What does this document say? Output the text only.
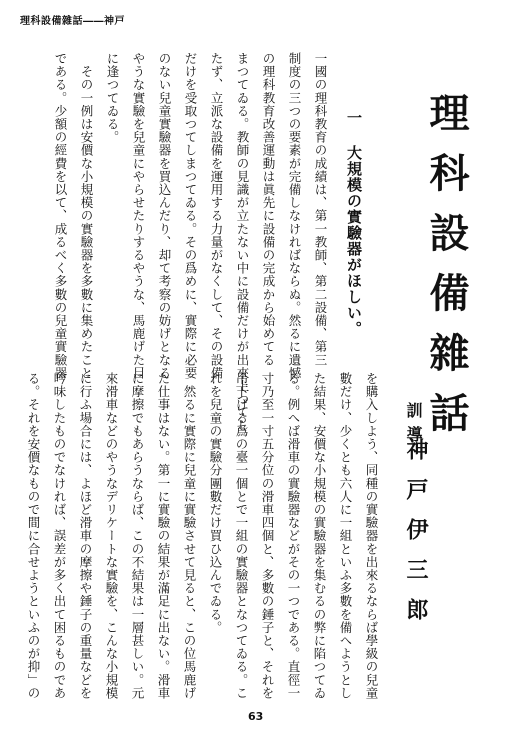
理科設備雜話――神戸
理科設備雜話
一 大規模の實驗器がほしい。
訓導
神戸伊三郎
一國の理科教育の成績は、第一教師、第二設備、第三
制度の三つの要素が完備しなければならぬ。然るに遺憾
の理科教育改善運動は眞先に設備の完成から始めてる
まつてゐる。教師の見識が立たない中に設備だけが出來上つてし
たず、立派な設備を運用する力量がなくして、その設備
だけを受取つてしまつてゐる。その爲めに、實際に必要
のない兒童實驗器を買込んだり、却て考察の妨げとなる
やうな實驗を兒童にやらせたりするやうな、馬鹿げた目
に逢つてゐる。
　その一例は安價な小規模の實驗器を多數に集めたこと
である。少額の經費を以て、成るべく多數の兒童實驗器
を購入しよう、同種の實驗器を出來るならば學級の兒童
數だけ、少くとも六人に一組といふ多數を備へようとし
た結果、安價な小規模の實驗器を集むるの弊に陷つてゐ
る。例へば滑車の實驗器などがその一つである。直徑一
寸乃至一寸五分位の滑車四個と、多數の錘子と、それを
吊下げる爲の臺一個とで一組の實驗器となつてゐる。こ
れを兒童の實驗分團數だけ買ひ込んでゐる。
　然るに實際に兒童に實驗させて見ると、この位馬鹿げ
た仕事はない。第一に實驗の結果が滿足に出ない。滑車
に摩擦でもあらうならば、この不結果は一層甚しい。元
來滑車などのやうなデリケートな實驗を、こんな小規模
に行ふ場合には、よほど滑車の摩擦や錘子の重量などを
吟味したものでなければ、誤差が多く出て困るものであ
る。それを安價なもので間に合せようといふのが抑」の
63
